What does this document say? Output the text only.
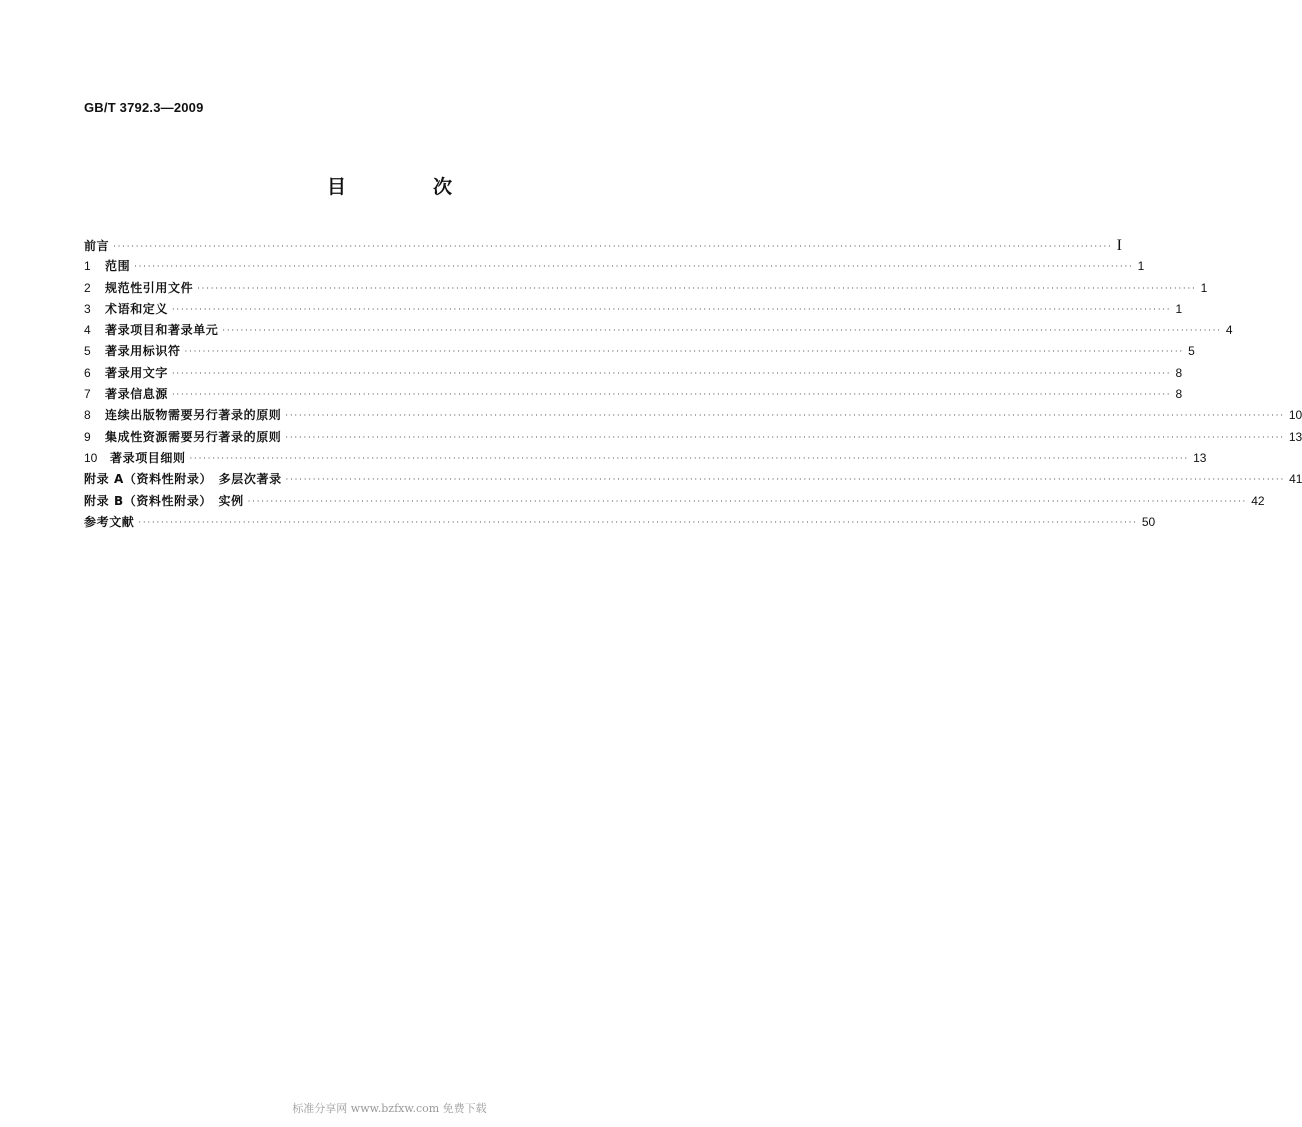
GB/T 3792.3—2009
目　次
前言 ···························································································································································································································· I
1	范围 ···························································································································································································································· 1
2	规范性引用文件 ···························································································································································································································· 1
3	术语和定义 ···························································································································································································································· 1
4	著录项目和著录单元 ···························································································································································································································· 4
5	著录用标识符 ···························································································································································································································· 5
6	著录用文字 ···························································································································································································································· 8
7	著录信息源 ···························································································································································································································· 8
8	连续出版物需要另行著录的原则 ···························································································································································································································· 10
9	集成性资源需要另行著录的原则 ···························································································································································································································· 13
10	著录项目细则 ···························································································································································································································· 13
附录 A（资料性附录）　多层次著录 ···························································································································································································································· 41
附录 B（资料性附录）　实例 ···························································································································································································································· 42
参考文献 ···························································································································································································································· 50
标准分享网 www.bzfxw.com 免费下载
